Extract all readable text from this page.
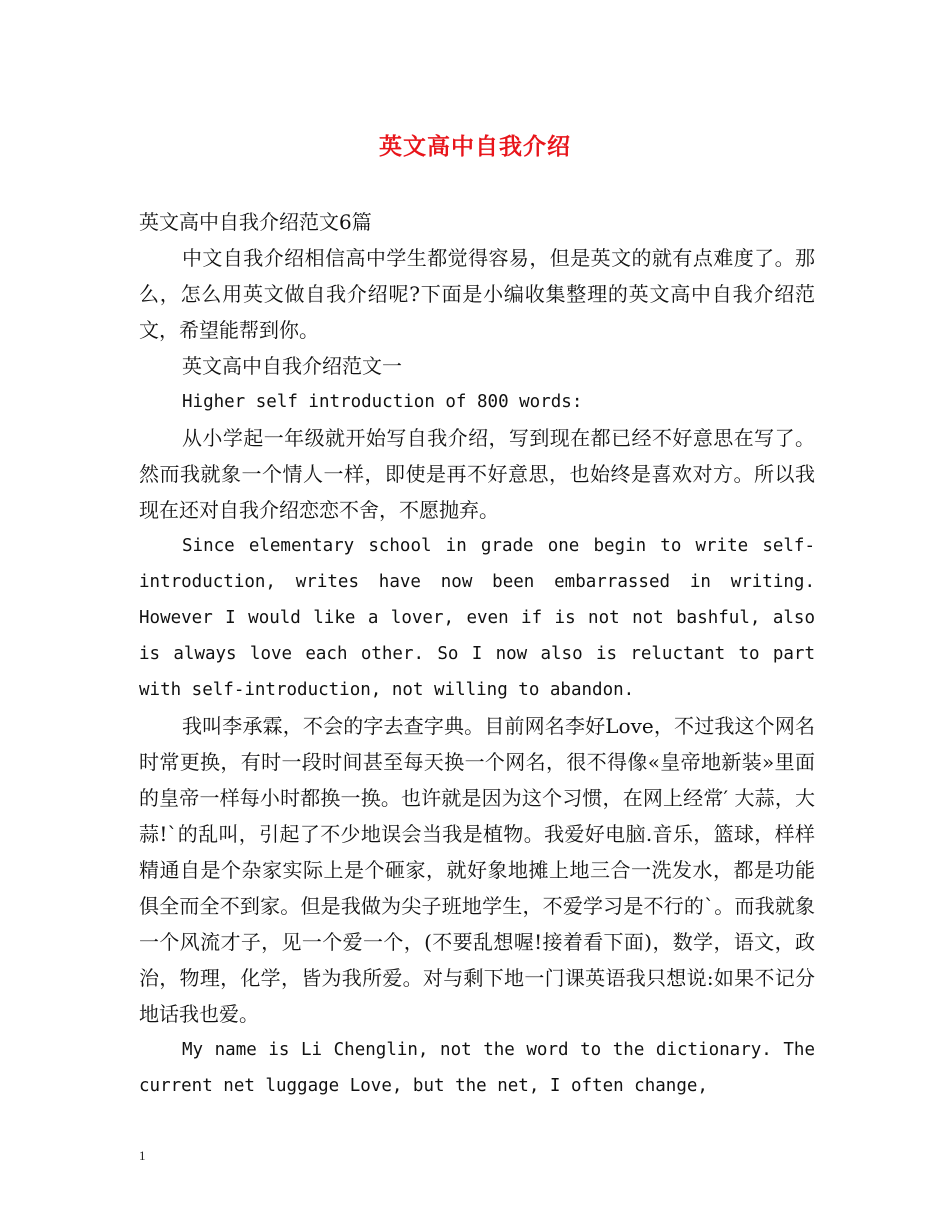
英文高中自我介绍

英文高中自我介绍范文6篇

中文自我介绍相信高中学生都觉得容易，但是英文的就有点难度了。那么，怎么用英文做自我介绍呢?下面是小编收集整理的英文高中自我介绍范文，希望能帮到你。

英文高中自我介绍范文一

Higher self introduction of 800 words:

从小学起一年级就开始写自我介绍，写到现在都已经不好意思在写了。然而我就象一个情人一样，即使是再不好意思，也始终是喜欢对方。所以我现在还对自我介绍恋恋不舍，不愿抛弃。

Since elementary school in grade one begin to write self-introduction, writes have now been embarrassed in writing. However I would like a lover, even if is not not bashful, also is always love each other. So I now also is reluctant to part with self-introduction, not willing to abandon.

我叫李承霖，不会的字去查字典。目前网名李好Love，不过我这个网名时常更换，有时一段时间甚至每天换一个网名，很不得像«皇帝地新装»里面的皇帝一样每小时都换一换。也许就是因为这个习惯，在网上经常′ 大蒜，大蒜!`的乱叫，引起了不少地误会当我是植物。我爱好电脑.音乐，篮球，样样精通自是个杂家实际上是个砸家，就好象地摊上地三合一洗发水，都是功能俱全而全不到家。但是我做为尖子班地学生，不爱学习是不行的`。而我就象一个风流才子，见一个爱一个，(不要乱想喔!接着看下面)，数学，语文，政治，物理，化学，皆为我所爱。对与剩下地一门课英语我只想说:如果不记分地话我也爱。

My name is Li Chenglin, not the word to the dictionary. The current net luggage Love, but the net, I often change,

1
